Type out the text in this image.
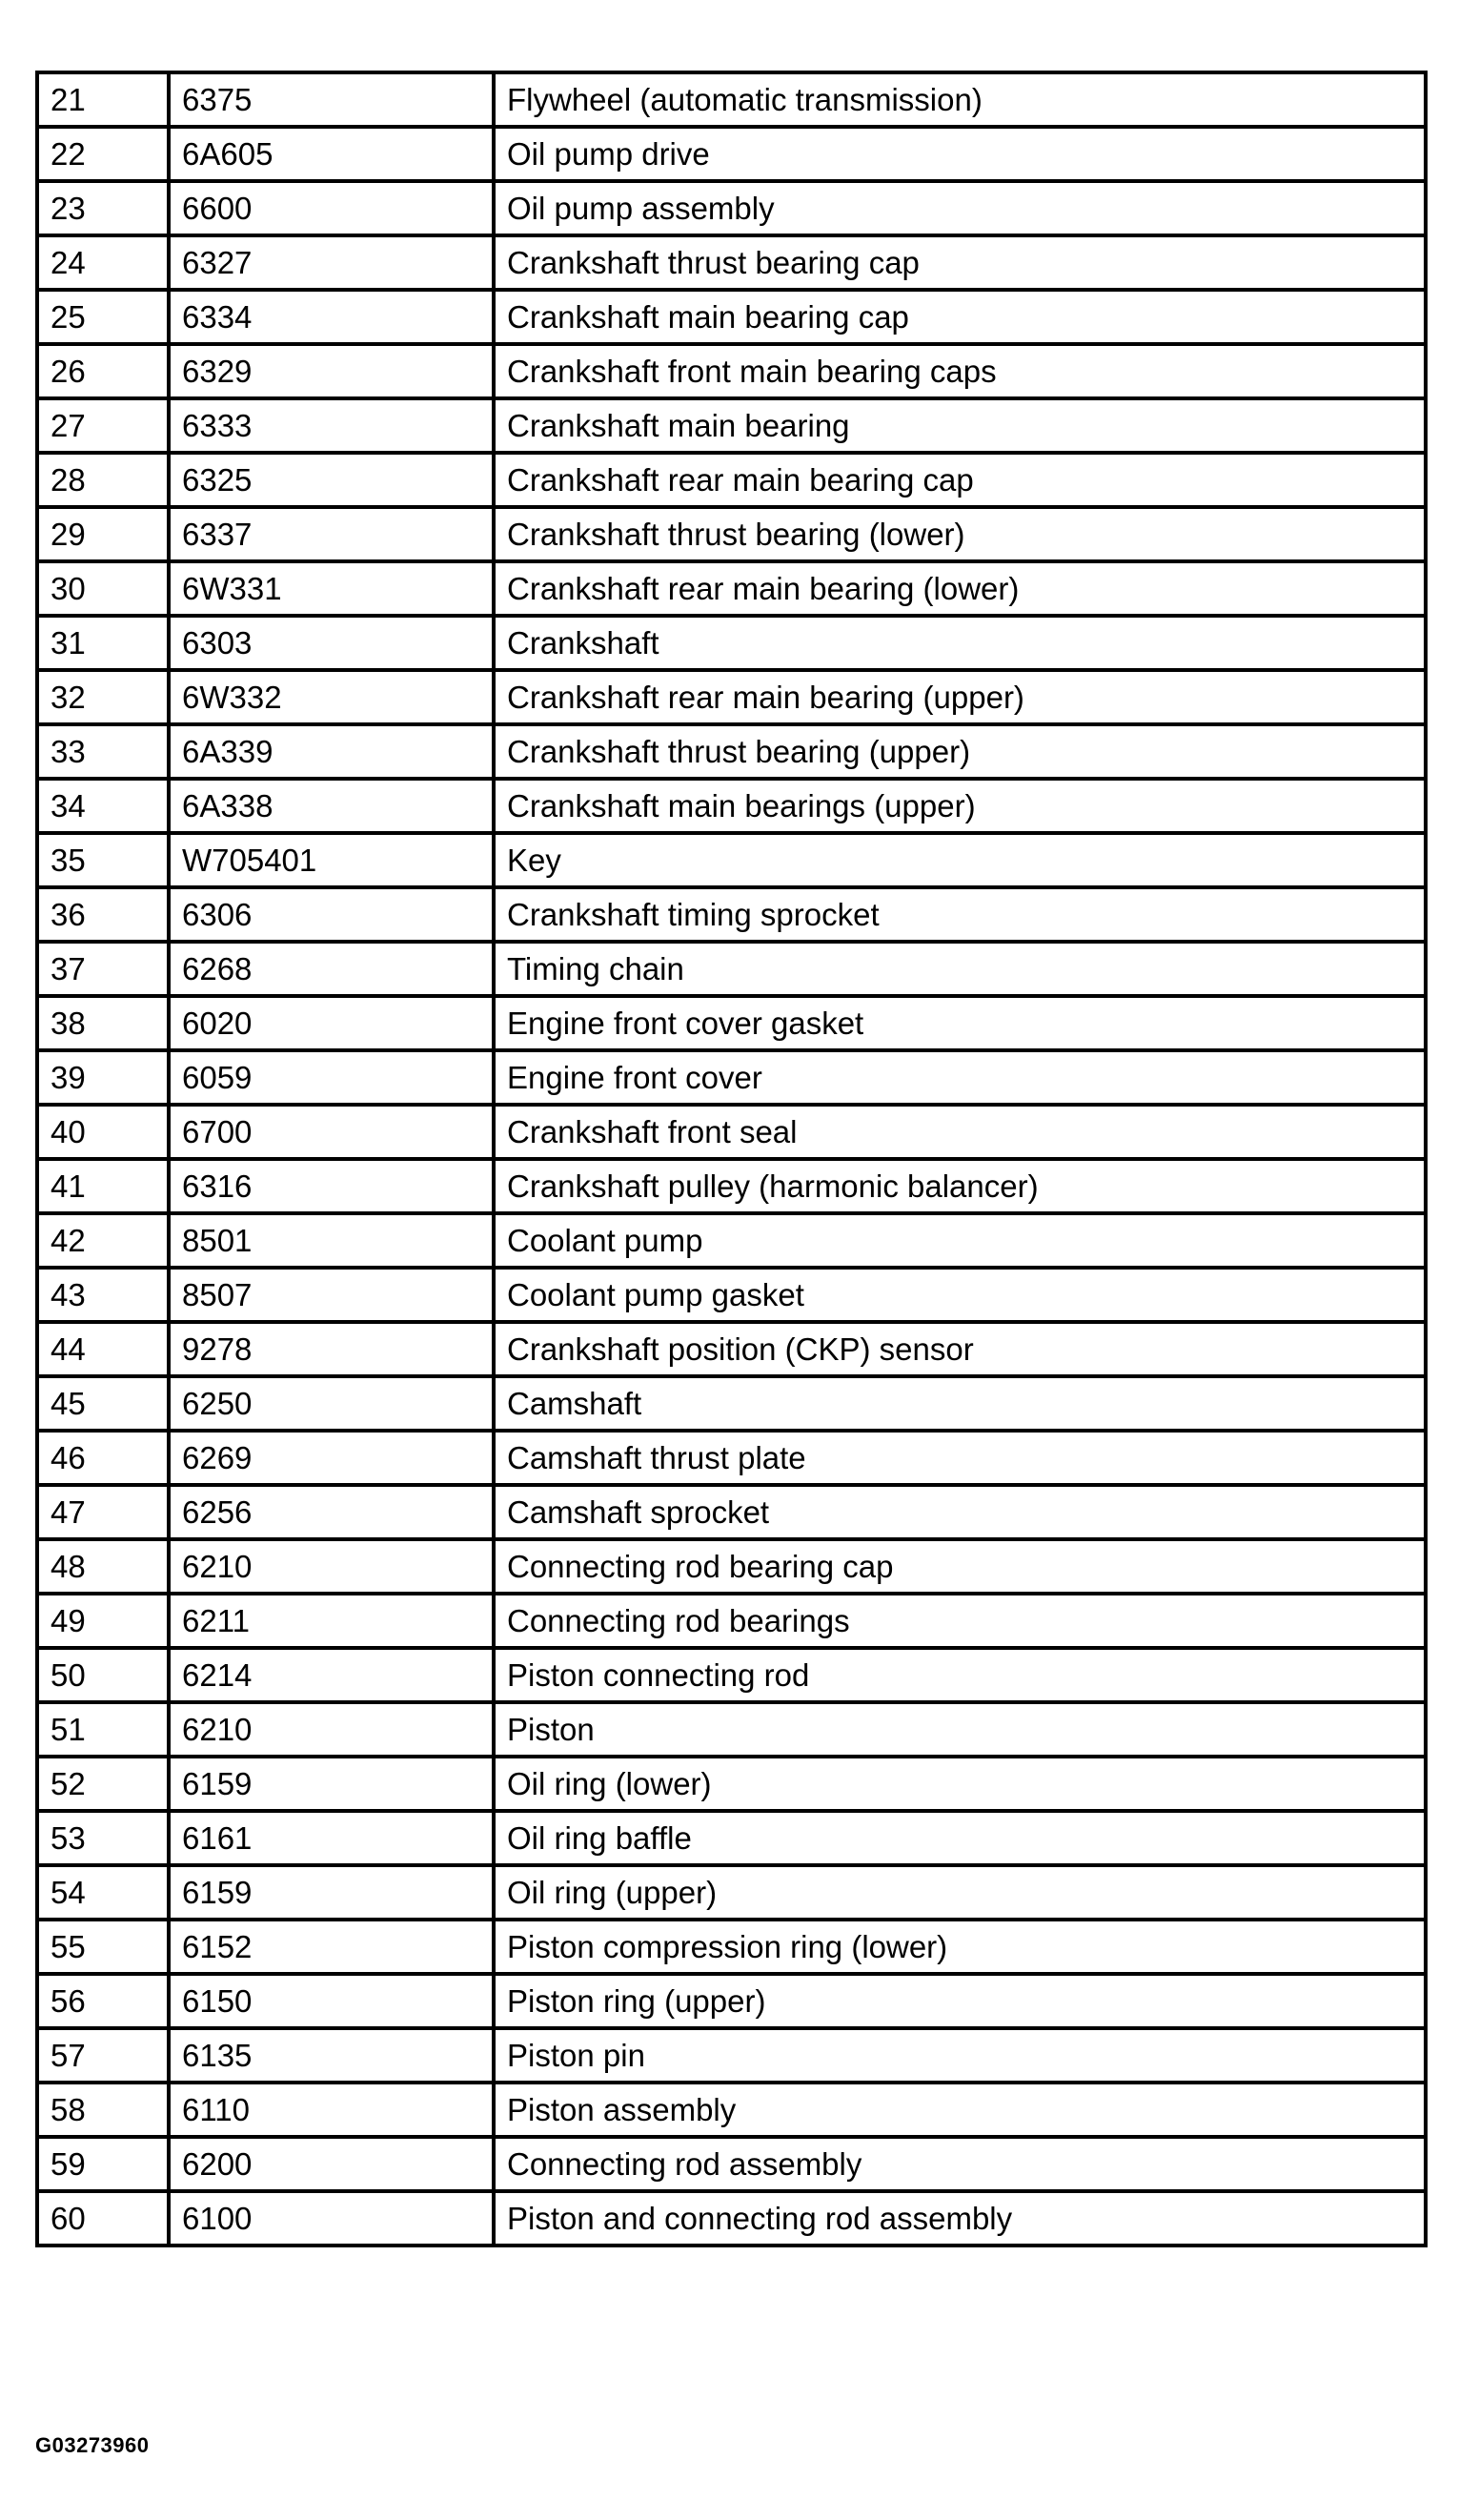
21	6375	Flywheel (automatic transmission)
22	6A605	Oil pump drive
23	6600	Oil pump assembly
24	6327	Crankshaft thrust bearing cap
25	6334	Crankshaft main bearing cap
26	6329	Crankshaft front main bearing caps
27	6333	Crankshaft main bearing
28	6325	Crankshaft rear main bearing cap
29	6337	Crankshaft thrust bearing (lower)
30	6W331	Crankshaft rear main bearing (lower)
31	6303	Crankshaft
32	6W332	Crankshaft rear main bearing (upper)
33	6A339	Crankshaft thrust bearing (upper)
34	6A338	Crankshaft main bearings (upper)
35	W705401	Key
36	6306	Crankshaft timing sprocket
37	6268	Timing chain
38	6020	Engine front cover gasket
39	6059	Engine front cover
40	6700	Crankshaft front seal
41	6316	Crankshaft pulley (harmonic balancer)
42	8501	Coolant pump
43	8507	Coolant pump gasket
44	9278	Crankshaft position (CKP) sensor
45	6250	Camshaft
46	6269	Camshaft thrust plate
47	6256	Camshaft sprocket
48	6210	Connecting rod bearing cap
49	6211	Connecting rod bearings
50	6214	Piston connecting rod
51	6210	Piston
52	6159	Oil ring (lower)
53	6161	Oil ring baffle
54	6159	Oil ring (upper)
55	6152	Piston compression ring (lower)
56	6150	Piston ring (upper)
57	6135	Piston pin
58	6110	Piston assembly
59	6200	Connecting rod assembly
60	6100	Piston and connecting rod assembly
G03273960
